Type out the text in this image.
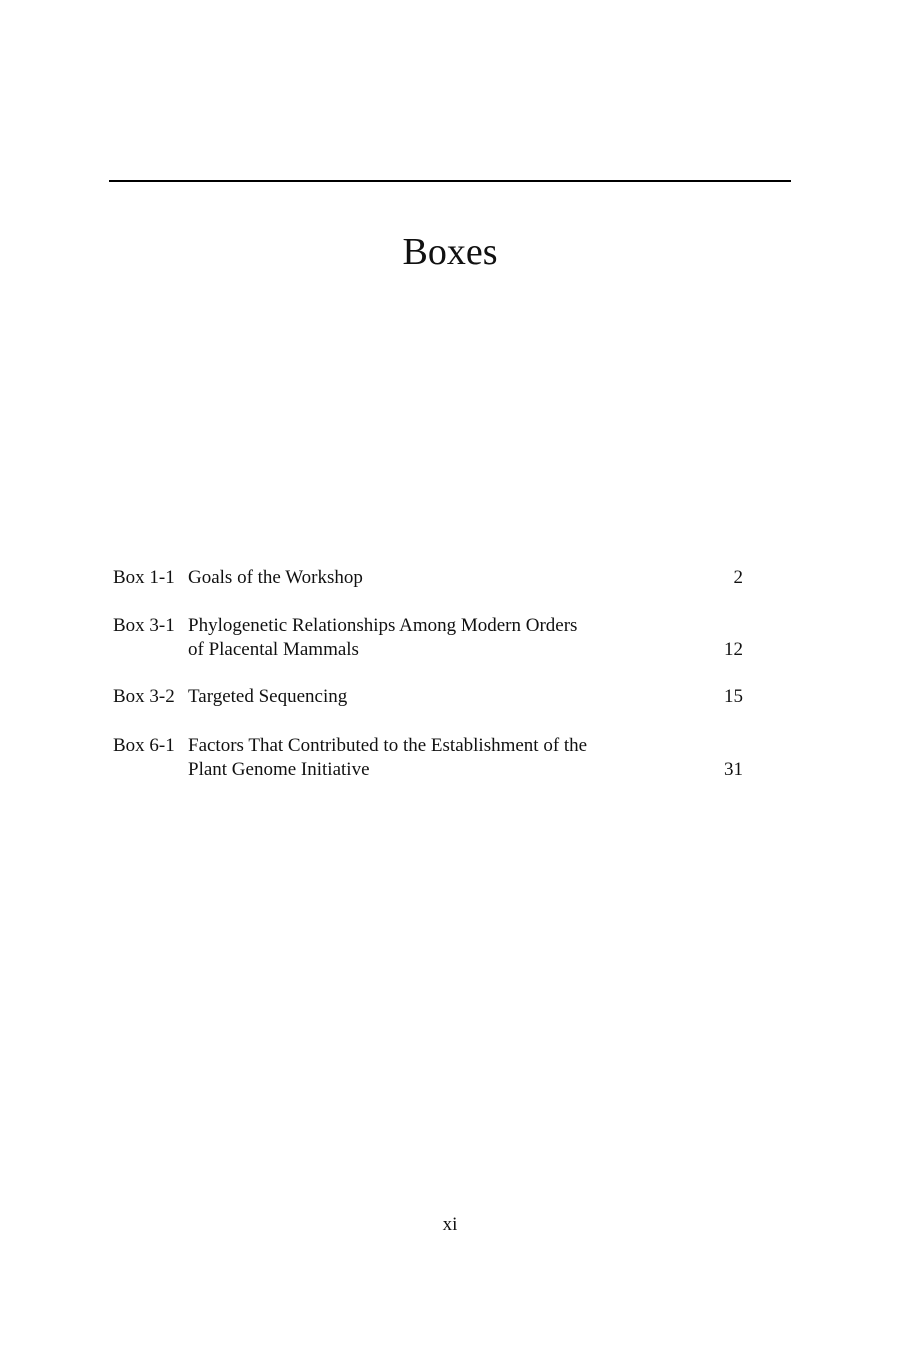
Boxes
Box 1-1 Goals of the Workshop	2
Box 3-1 Phylogenetic Relationships Among Modern Orders
of Placental Mammals	12
Box 3-2 Targeted Sequencing	15
Box 6-1 Factors That Contributed to the Establishment of the
Plant Genome Initiative	31
xi
